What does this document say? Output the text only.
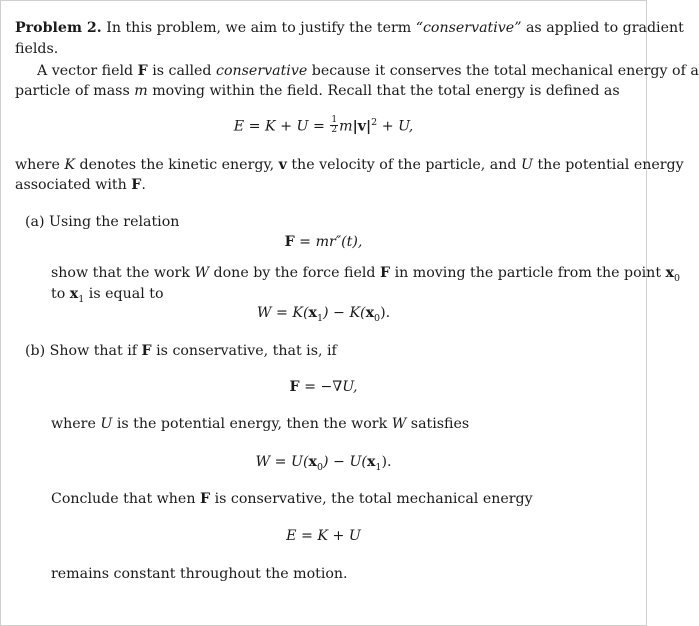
Problem 2. In this problem, we aim to justify the term “conservative” as applied to gradient
fields.
A vector field F is called conservative because it conserves the total mechanical energy of a
particle of mass m moving within the field. Recall that the total energy is defined as
$E = K + U = \frac{1}{2} m|v|^2 + U$,
where K denotes the kinetic energy, v the velocity of the particle, and U the potential energy
associated with F.
(a) Using the relation
F = mr″(t),
show that the work W done by the force field F in moving the particle from the point $x_0$
to $x_1$ is equal to
$W = K(x_1) - K(x_0)$.
(b) Show that if F is conservative, that is, if
F = −∇U,
where U is the potential energy, then the work W satisfies
$W = U(x_0) - U(x_1)$.
Conclude that when F is conservative, the total mechanical energy
E = K + U
remains constant throughout the motion.
